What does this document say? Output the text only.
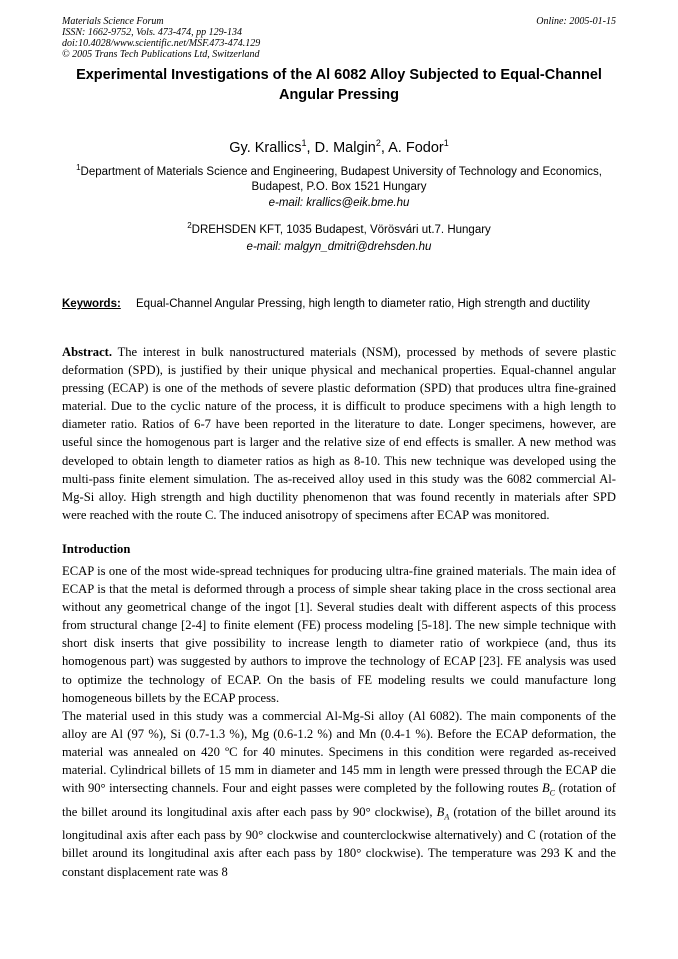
Materials Science Forum
ISSN: 1662-9752, Vols. 473-474, pp 129-134
doi:10.4028/www.scientific.net/MSF.473-474.129
© 2005 Trans Tech Publications Ltd, Switzerland
Online: 2005-01-15
Experimental Investigations of the Al 6082 Alloy Subjected to Equal-Channel Angular Pressing
Gy. Krallics$^1$, D. Malgin$^2$, A. Fodor$^1$
$^1$Department of Materials Science and Engineering, Budapest University of Technology and Economics, Budapest, P.O. Box 1521 Hungary
e-mail: krallics@eik.bme.hu
$^2$DREHSDEN KFT, 1035 Budapest, Vörösvári ut.7. Hungary
e-mail: malgyn_dmitri@drehsden.hu
Keywords:	Equal-Channel Angular Pressing, high length to diameter ratio, High strength and ductility
Abstract. The interest in bulk nanostructured materials (NSM), processed by methods of severe plastic deformation (SPD), is justified by their unique physical and mechanical properties. Equal-channel angular pressing (ECAP) is one of the methods of severe plastic deformation (SPD) that produces ultra fine-grained material. Due to the cyclic nature of the process, it is difficult to produce specimens with a high length to diameter ratio. Ratios of 6-7 have been reported in the literature to date. Longer specimens, however, are useful since the homogenous part is larger and the relative size of end effects is smaller. A new method was developed to obtain length to diameter ratios as high as 8-10. This new technique was developed using the multi-pass finite element simulation. The as-received alloy used in this study was the 6082 commercial Al-Mg-Si alloy. High strength and high ductility phenomenon that was found recently in materials after SPD were reached with the route C. The induced anisotropy of specimens after ECAP was monitored.
Introduction

ECAP is one of the most wide-spread techniques for producing ultra-fine grained materials. The main idea of ECAP is that the metal is deformed through a process of simple shear taking place in the cross sectional area without any geometrical change of the ingot [1]. Several studies dealt with different aspects of this process from structural change [2-4] to finite element (FE) process modeling [5-18]. The new simple technique with short disk inserts that give possibility to increase length to diameter ratio of workpiece (and, thus its homogenous part) was suggested by authors to improve the technology of ECAP [23]. FE analysis was used to optimize the technology of ECAP. On the basis of FE modeling results we could manufacture long homogeneous billets by the ECAP process.

The material used in this study was a commercial Al-Mg-Si alloy (Al 6082). The main components of the alloy are Al (97 %), Si (0.7-1.3 %), Mg (0.6-1.2 %) and Mn (0.4-1 %). Before the ECAP deformation, the material was annealed on 420 ºC for 40 minutes. Specimens in this condition were regarded as-received material. Cylindrical billets of 15 mm in diameter and 145 mm in length were pressed through the ECAP die with 90° intersecting channels. Four and eight passes were completed by the following routes $B_C$ (rotation of the billet around its longitudinal axis after each pass by 90° clockwise), $B_A$ (rotation of the billet around its longitudinal axis after each pass by 90° clockwise and counterclockwise alternatively) and C (rotation of the billet around its longitudinal axis after each pass by 180° clockwise). The temperature was 293 K and the constant displacement rate was 8
